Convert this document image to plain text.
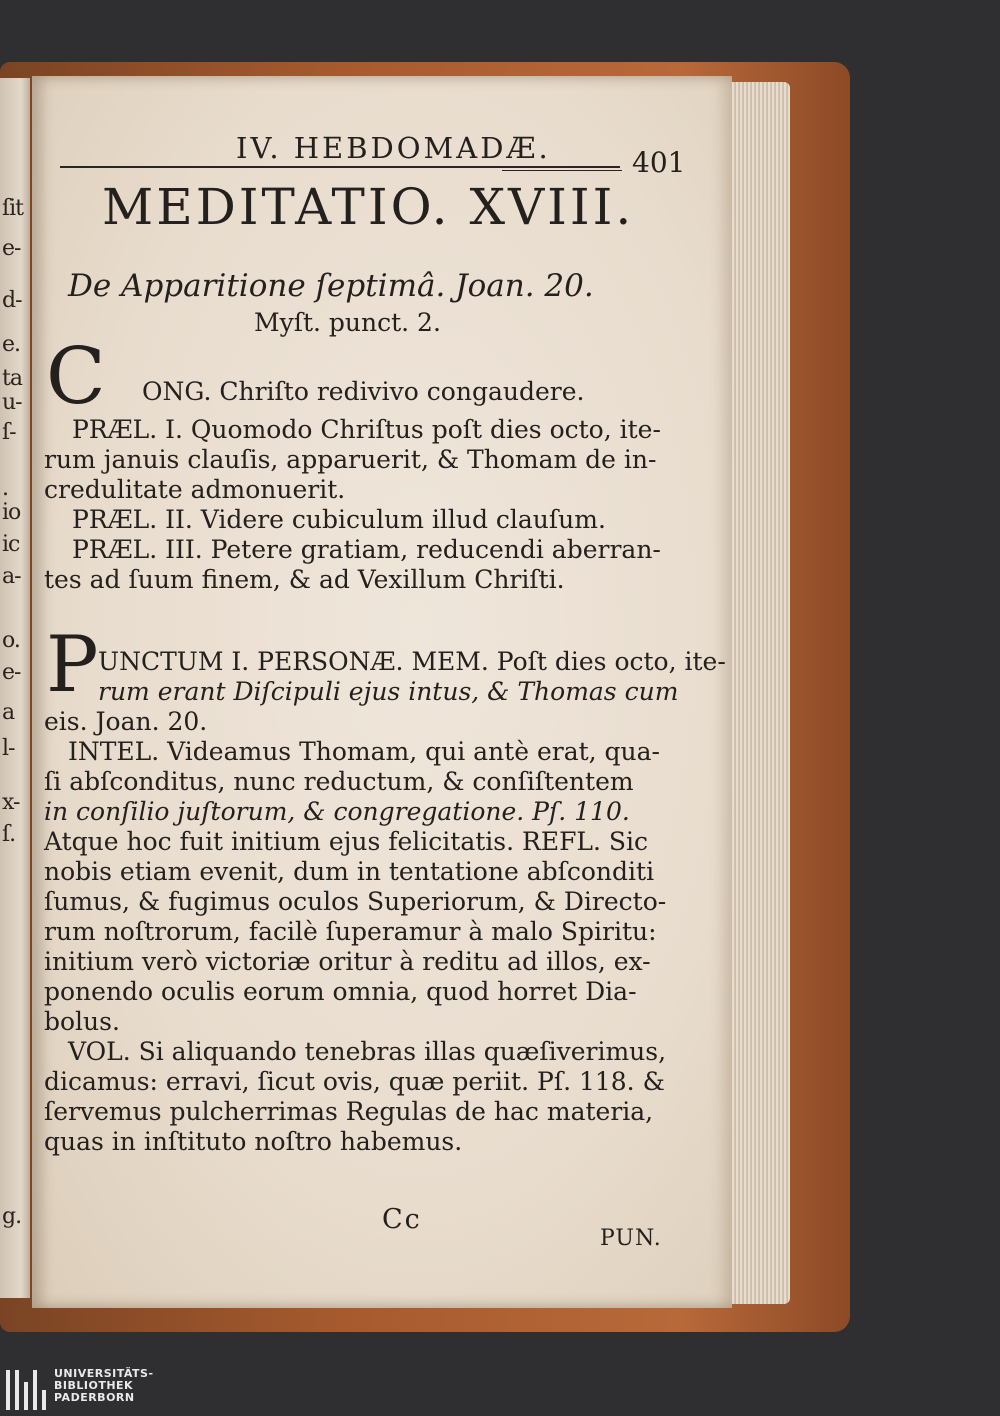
ſit
e-
d-
e.
ta
u-
ſ-
.
io
ic
a-
o.
e-
a
l-
x-
ſ.
g.
IV. HEBDOMADÆ.	401
MEDITATIO. XVIII.
De Apparitione ſeptimâ. Joan. 20.
Myſt. punct. 2.
C ONG. Chriſto redivivo congaudere.
PRÆL. I. Quomodo Chriſtus poſt dies octo, ite-
rum januis clauſis, apparuerit, & Thomam de in-
credulitate admonuerit.
PRÆL. II. Videre cubiculum illud clauſum.
PRÆL. III. Petere gratiam, reducendi aberran-
tes ad ſuum finem, & ad Vexillum Chriſti.
P UNCTUM I. PERSONÆ. MEM. Poſt dies octo, ite-
rum erant Diſcipuli ejus intus, & Thomas cum
eis. Joan. 20.
INTEL. Videamus Thomam, qui antè erat, qua-
ſi abſconditus, nunc reductum, & conſiſtentem
in conſilio juſtorum, & congregatione. Pſ. 110.
Atque hoc fuit initium ejus felicitatis. REFL. Sic
nobis etiam evenit, dum in tentatione abſconditi
ſumus, & fugimus oculos Superiorum, & Directo-
rum noſtrorum, facilè ſuperamur à malo Spiritu:
initium verò victoriæ oritur à reditu ad illos, ex-
ponendo oculis eorum omnia, quod horret Dia-
bolus.
VOL. Si aliquando tenebras illas quæſiverimus,
dicamus: erravi, ſicut ovis, quæ periit. Pſ. 118. &
ſervemus pulcherrimas Regulas de hac materia,
quas in inſtituto noſtro habemus.
Cc
PUN.
UNIVERSITÄTS-
BIBLIOTHEK
PADERBORN
